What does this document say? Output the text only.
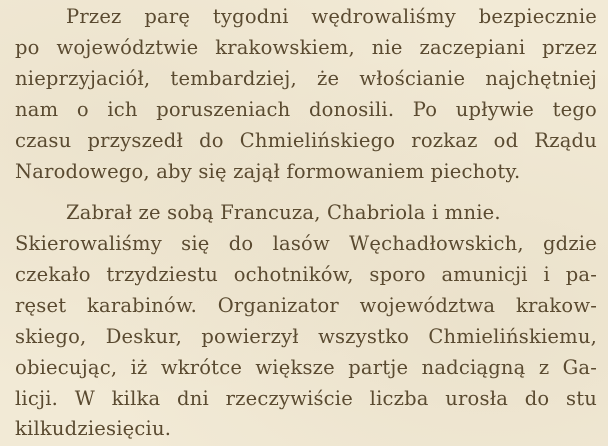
Przez parę tygodni wędrowaliśmy bezpiecznie
po województwie krakowskiem, nie zaczepiani przez
nieprzyjaciół, tembardziej, że włościanie najchętniej
nam o ich poruszeniach donosili. Po upływie tego
czasu przyszedł do Chmielińskiego rozkaz od Rządu
Narodowego, aby się zajął formowaniem piechoty.
Zabrał ze sobą Francuza, Chabriola i mnie.
Skierowaliśmy się do lasów Węchadłowskich, gdzie
czekało trzydziestu ochotników, sporo amunicji i pa-
ręset karabinów. Organizator województwa krakow-
skiego, Deskur, powierzył wszystko Chmielińskiemu,
obiecując, iż wkrótce większe partje nadciągną z Ga-
licji. W kilka dni rzeczywiście liczba urosła do stu
kilkudziesięciu.
